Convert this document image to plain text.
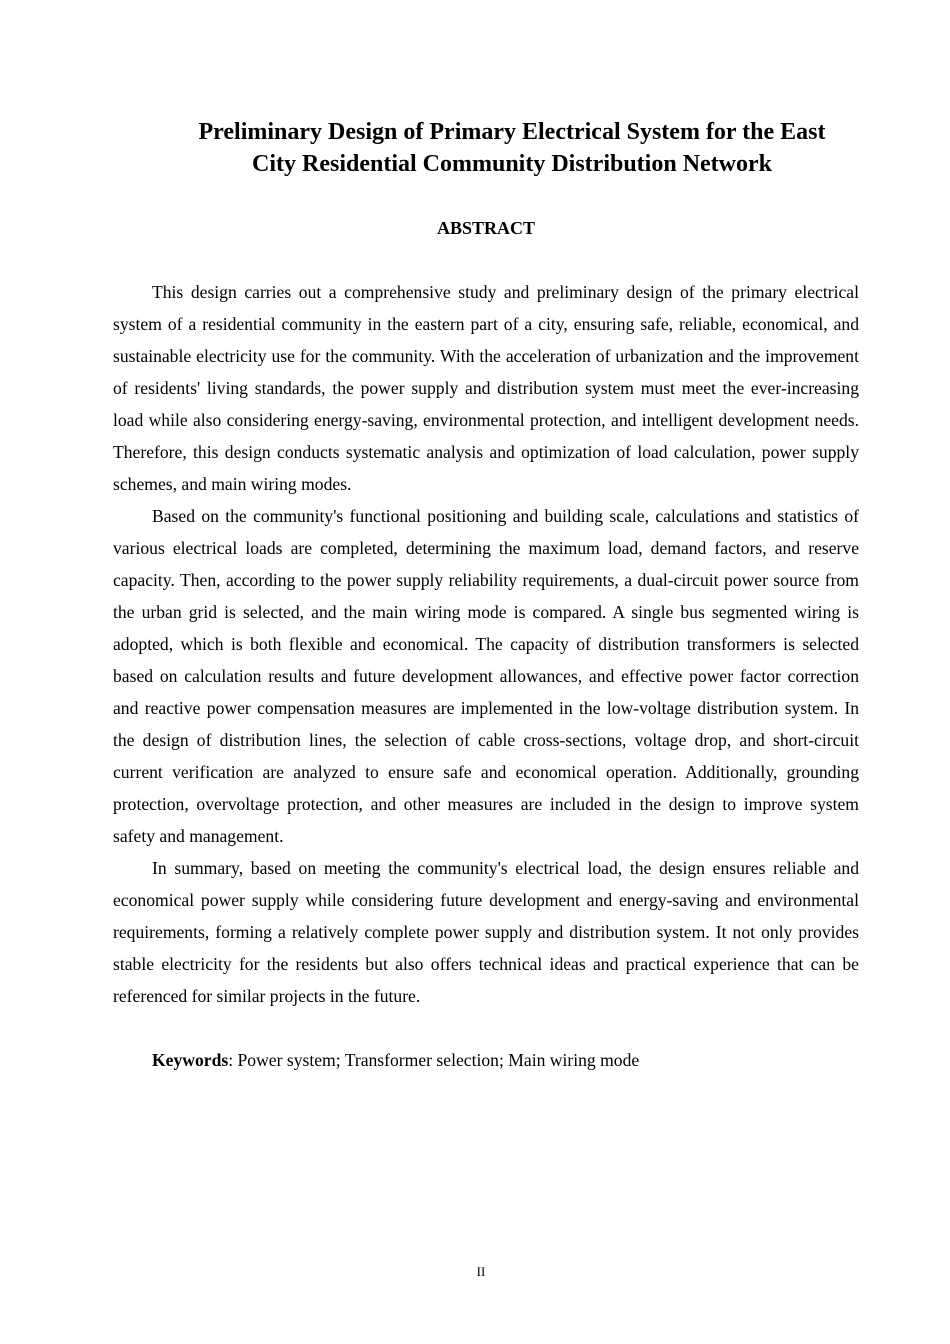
Preliminary Design of Primary Electrical System for the East
City Residential Community Distribution Network
ABSTRACT

This design carries out a comprehensive study and preliminary design of the primary electrical system of a residential community in the eastern part of a city, ensuring safe, reliable, economical, and sustainable electricity use for the community. With the acceleration of urbanization and the improvement of residents' living standards, the power supply and distribution system must meet the ever-increasing load while also considering energy-saving, environmental protection, and intelligent development needs. Therefore, this design conducts systematic analysis and optimization of load calculation, power supply schemes, and main wiring modes.

Based on the community's functional positioning and building scale, calculations and statistics of various electrical loads are completed, determining the maximum load, demand factors, and reserve capacity. Then, according to the power supply reliability requirements, a dual-circuit power source from the urban grid is selected, and the main wiring mode is compared. A single bus segmented wiring is adopted, which is both flexible and economical. The capacity of distribution transformers is selected based on calculation results and future development allowances, and effective power factor correction and reactive power compensation measures are implemented in the low-voltage distribution system. In the design of distribution lines, the selection of cable cross-sections, voltage drop, and short-circuit current verification are analyzed to ensure safe and economical operation. Additionally, grounding protection, overvoltage protection, and other measures are included in the design to improve system safety and management.

In summary, based on meeting the community's electrical load, the design ensures reliable and economical power supply while considering future development and energy-saving and environmental requirements, forming a relatively complete power supply and distribution system. It not only provides stable electricity for the residents but also offers technical ideas and practical experience that can be referenced for similar projects in the future.

Keywords: Power system; Transformer selection; Main wiring mode

II
